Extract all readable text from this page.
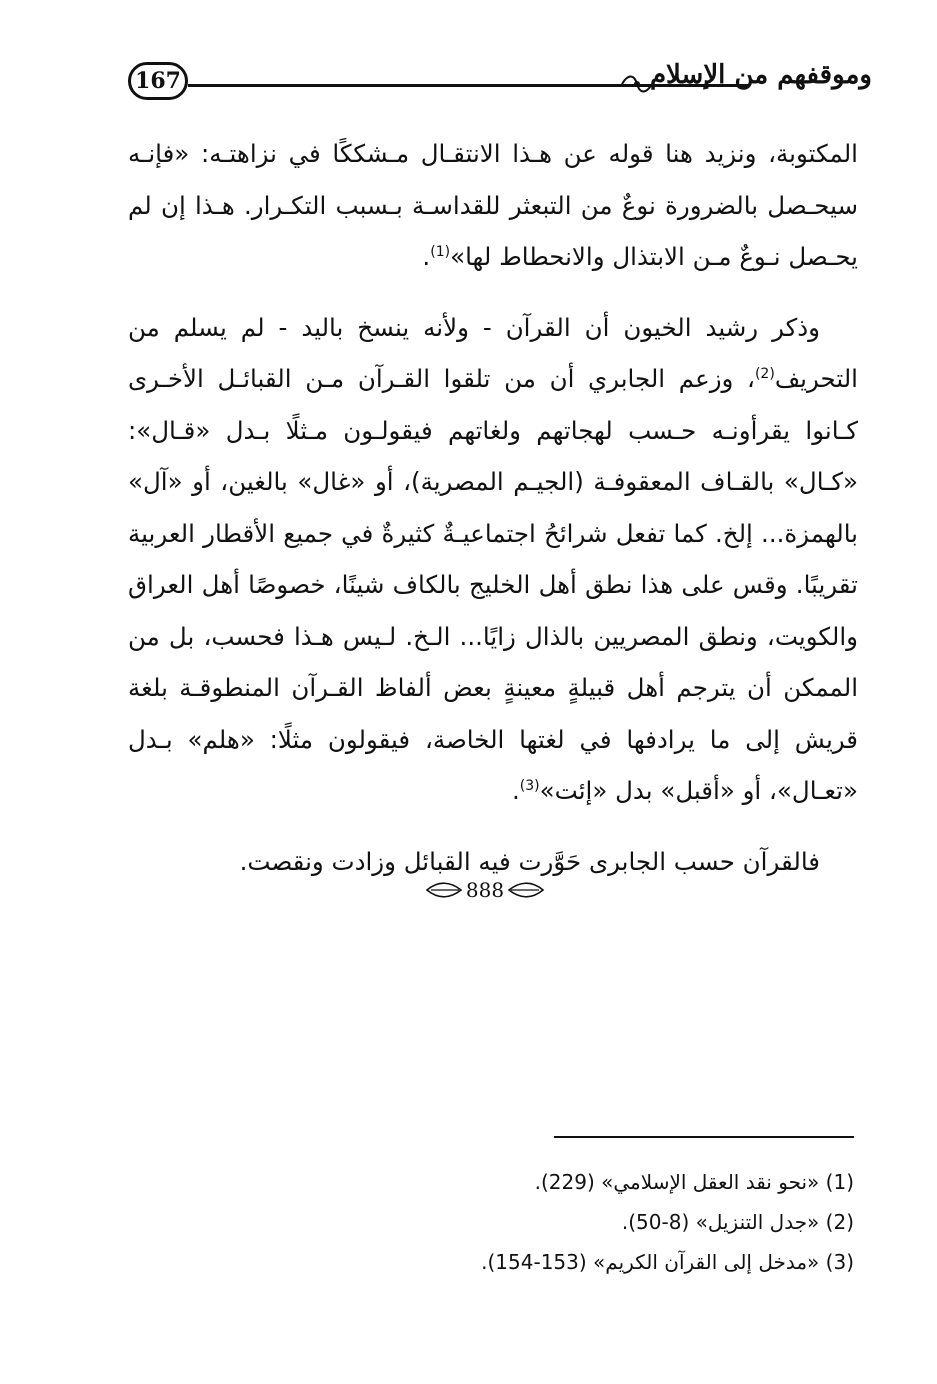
167	وموقفهم من الإسلام

المكتوبة، ونزيد هنا قوله عن هـذا الانتقـال مـشككًا في نزاهتـه: «فإنـه سيحـصل بالضرورة نوعٌ من التبعثر للقداسـة بـسبب التكـرار. هـذا إن لم يحـصل نـوعٌ مـن الابتذال والانحطاط لها»$^{(1)}$.

وذكر رشيد الخيون أن القرآن - ولأنه ينسخ باليد - لم يسلم من التحريف$^{(2)}$، وزعم الجابري أن من تلقوا القـرآن مـن القبائـل الأخـرى كـانوا يقرأونـه حـسب لهجاتهم ولغاتهم فيقولـون مـثلًا بـدل «قـال»: «كـال» بالقـاف المعقوفـة (الجيـم المصرية)، أو «غال» بالغين، أو «آل» بالهمزة... إلخ. كما تفعل شرائحُ اجتماعيـةٌ كثيرةٌ في جميع الأقطار العربية تقريبًا. وقس على هذا نطق أهل الخليج بالكاف شينًا، خصوصًا أهل العراق والكويت، ونطق المصريين بالذال زايًا... الـخ. لـيس هـذا فحسب، بل من الممكن أن يترجم أهل قبيلةٍ معينةٍ بعض ألفاظ القـرآن المنطوقـة بلغة قريش إلى ما يرادفها في لغتها الخاصة، فيقولون مثلًا: «هلم» بـدل «تعـال»، أو «أقبل» بدل «إئت»$^{(3)}$.

فالقرآن حسب الجابرى حَوَّرت فيه القبائل وزادت ونقصت.

888

(1) «نحو نقد العقل الإسلامي» (229).

(2) «جدل التنزيل» (8-50).

(3) «مدخل إلى القرآن الكريم» (153-154).
